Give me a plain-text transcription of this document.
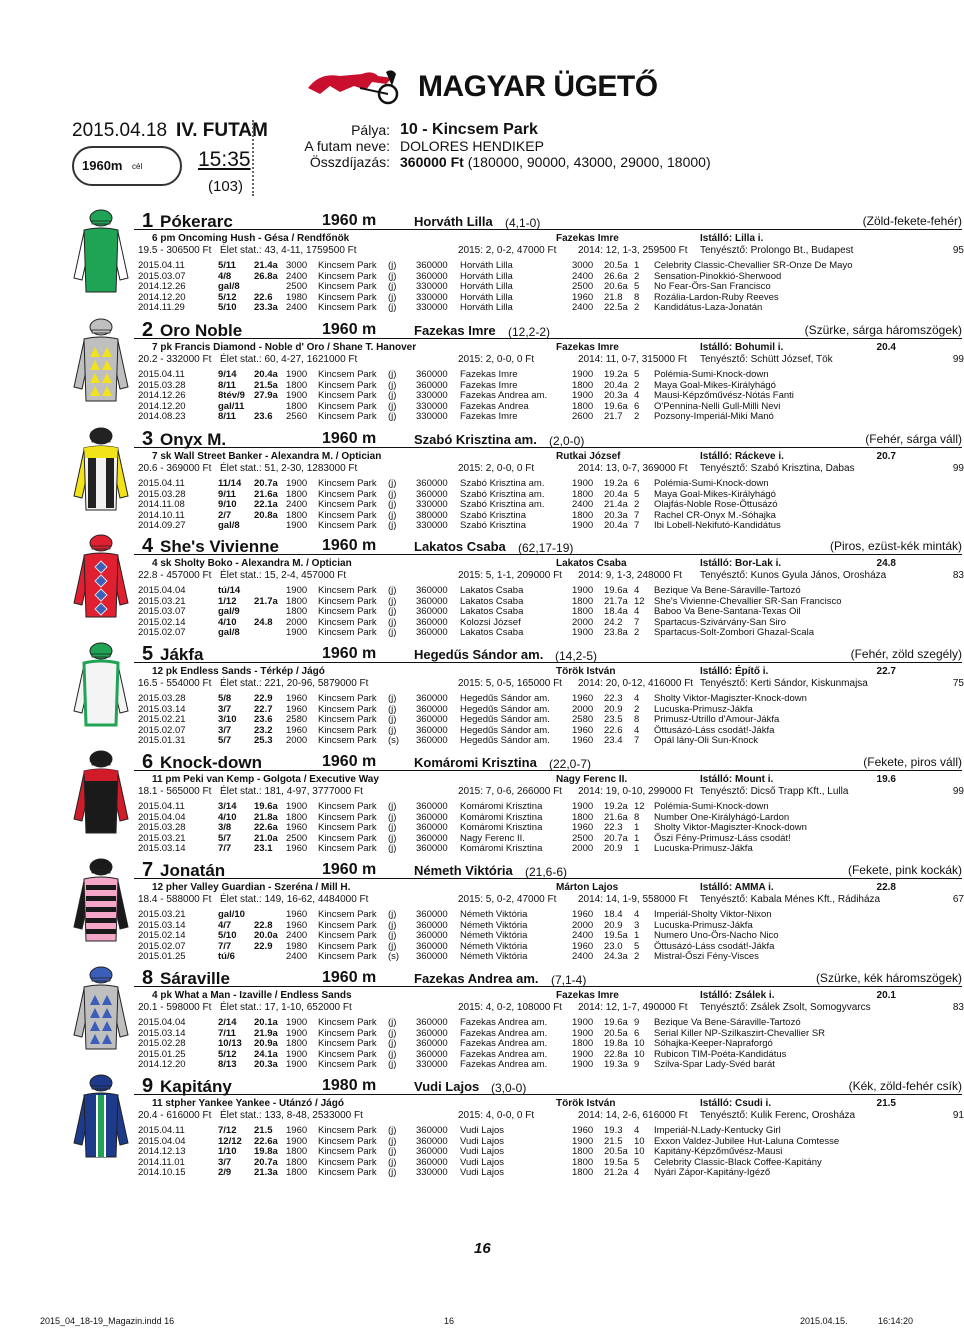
MAGYAR ÜGETŐ
2015.04.18 IV. FUTAM
1960m cél	15:35
(103)
Pálya: 10 - Kincsem Park
A futam neve: DOLORES HENDIKEP
Összdíjazás: 360000 Ft (180000, 90000, 43000, 29000, 18000)
1 Pókerarc	1960 m	Horváth Lilla	(Zöld-fekete-fehér)
(4,1-0)
6 pm Oncoming Hush - Gésa / Rendfőnök	Fazekas Imre	Istálló: Lilla i.
19.5 - 306500 Ft Élet stat.: 43, 4-11, 1759500 Ft	2015: 2, 0-2, 47000 Ft 2014: 12, 1-3, 259500 Ft Tenyésztő: Prolongo Bt., Budapest	95
2015.04.11	5/11 21.4a 3000 Kincsem Park (j) 360000 Horváth Lilla	3000 20.5a 1 Celebrity Classic-Chevallier SR-Onze De Mayo
2015.03.07	4/8 26.8a 2400 Kincsem Park (j) 360000 Horváth Lilla	2400 26.6a 2 Sensation-Pinokkió-Sherwood
2014.12.26	gal/8	2500 Kincsem Park (j) 330000 Horváth Lilla	2500 20.6a 5 No Fear-Örs-San Francisco
2014.12.20	5/12 22.6 1980 Kincsem Park (j) 330000 Horváth Lilla	1960 21.8 8 Rozália-Lardon-Ruby Reeves
2014.11.29	5/10 23.3a 2400 Kincsem Park (j) 330000 Horváth Lilla	2400 22.5a 2 Kandidátus-Laza-Jonatán
2 Oro Noble	1960 m	Fazekas Imre	(Szürke, sárga háromszögek)
(12,2-2)
7 pk Francis Diamond - Noble d' Oro / Shane T. Hanover	Fazekas Imre	Istálló: Bohumil i.	20.4
20.2 - 332000 Ft Élet stat.: 60, 4-27, 1621000 Ft	2015: 2, 0-0, 0 Ft	2014: 11, 0-7, 315000 Ft Tenyésztő: Schütt József, Tök	99
2015.04.11	9/14 20.4a 1900 Kincsem Park (j) 360000 Fazekas Imre	1900 19.2a 5 Polémia-Sumi-Knock-down
2015.03.28	8/11 21.5a 1800 Kincsem Park (j) 360000 Fazekas Imre	1800 20.4a 2 Maya Goal-Mikes-Királyhágó
2014.12.26	8tév/9 27.9a 1900 Kincsem Park (j) 330000 Fazekas Andrea am.	1900 20.3a 4 Mausi-Képzőművész-Nótás Fanti
2014.12.20	gal/11	1800 Kincsem Park (j) 330000 Fazekas Andrea	1800 19.6a 6 O'Pennina-Nelli Gull-Milli Nevi
2014.08.23	8/11 23.6 2560 Kincsem Park (j) 330000 Fazekas Imre	2600 21.7 2 Pozsony-Imperiál-Miki Manó
3 Onyx M.	1960 m	Szabó Krisztina am.	(Fehér, sárga váll)
(2,0-0)
7 sk Wall Street Banker - Alexandra M. / Optician	Rutkai József	Istálló: Ráckeve i.	20.7
20.6 - 369000 Ft Élet stat.: 51, 2-30, 1283000 Ft	2015: 2, 0-0, 0 Ft	2014: 13, 0-7, 369000 Ft Tenyésztő: Szabó Krisztina, Dabas	99
2015.04.11	11/14 20.7a 1900 Kincsem Park (j) 360000 Szabó Krisztina am.	1900 19.2a 6 Polémia-Sumi-Knock-down
2015.03.28	9/11 21.6a 1800 Kincsem Park (j) 360000 Szabó Krisztina am.	1800 20.4a 5 Maya Goal-Mikes-Királyhágó
2014.11.08	9/10 22.1a 2400 Kincsem Park (j) 330000 Szabó Krisztina am.	2400 21.4a 2 Olajfás-Noble Rose-Öttusázó
2014.10.11	2/7 20.8a 1800 Kincsem Park (j) 380000 Szabó Krisztina	1800 20.3a 7 Rachel CR-Onyx M.-Sóhajka
2014.09.27	gal/8	1900 Kincsem Park (j) 330000 Szabó Krisztina	1900 20.4a 7 Ibi Lobell-Nekifutó-Kandidátus
4 She's Vivienne	1960 m	Lakatos Csaba	(Piros, ezüst-kék minták)
(62,17-19)
4 sk Sholty Boko - Alexandra M. / Optician	Lakatos Csaba	Istálló: Bor-Lak i.	24.8
22.8 - 457000 Ft Élet stat.: 15, 2-4, 457000 Ft	2015: 5, 1-1, 209000 Ft 2014: 9, 1-3, 248000 Ft Tenyésztő: Kunos Gyula János, Orosháza	83
2015.04.04	tú/14	1900 Kincsem Park (j) 360000 Lakatos Csaba	1900 19.6a 4 Bezique Va Bene-Sáraville-Tartozó
2015.03.21	1/12 21.7a 1800 Kincsem Park (j) 360000 Lakatos Csaba	1800 21.7a 12 She's Vivienne-Chevallier SR-San Francisco
2015.03.07	gal/9	1800 Kincsem Park (j) 360000 Lakatos Csaba	1800 18.4a 4 Baboo Va Bene-Santana-Texas Oil
2015.02.14	4/10 24.8 2000 Kincsem Park (j) 360000 Kolozsi József	2000 24.2 7 Spartacus-Szivárvány-San Siro
2015.02.07	gal/8	1900 Kincsem Park (j) 360000 Lakatos Csaba	1900 23.8a 2 Spartacus-Solt-Zombori Ghazal-Scala
5 Jákfa	1960 m	Hegedűs Sándor am.	(Fehér, zöld szegély)
(14,2-5)
12 pk Endless Sands - Térkép / Jágó	Török István	Istálló: Építő i.	22.7
16.5 - 554000 Ft Élet stat.: 221, 20-96, 5879000 Ft	2015: 5, 0-5, 165000 Ft 2014: 20, 0-12, 416000 Ft Tenyésztő: Kerti Sándor, Kiskunmajsa	75
2015.03.28	5/8 22.9 1960 Kincsem Park (j) 360000 Hegedűs Sándor am. 1960 22.3 4 Sholty Viktor-Magiszter-Knock-down
2015.03.14	3/7 22.7 1960 Kincsem Park (j) 360000 Hegedűs Sándor am. 2000 20.9 2 Lucuska-Primusz-Jákfa
2015.02.21	3/10 23.6 2580 Kincsem Park (j) 360000 Hegedűs Sándor am. 2580 23.5 8 Primusz-Utrillo d'Amour-Jákfa
2015.02.07	3/7 23.2 1960 Kincsem Park (j) 360000 Hegedűs Sándor am. 1960 22.6 4 Öttusázó-Láss csodát!-Jákfa
2015.01.31	5/7 25.3 2000 Kincsem Park (s) 360000 Hegedűs Sándor am. 1960 23.4 7 Opál lány-Oli Sun-Knock
6 Knock-down	1960 m	Komáromi Krisztina	(Fekete, piros váll)
(22,0-7)
11 pm Peki van Kemp - Golgota / Executive Way	Nagy Ferenc II.	Istálló: Mount i.	19.6
18.1 - 565000 Ft Élet stat.: 181, 4-97, 3777000 Ft	2015: 7, 0-6, 266000 Ft 2014: 19, 0-10, 299000 Ft Tenyésztő: Dicső Trapp Kft., Lulla	99
2015.04.11	3/14 19.6a 1900 Kincsem Park (j) 360000 Komáromi Krisztina	1900 19.2a 12 Polémia-Sumi-Knock-down
2015.04.04	4/10 21.8a 1800 Kincsem Park (j) 360000 Komáromi Krisztina	1800 21.6a 8 Number One-Királyhágó-Lardon
2015.03.28	3/8 22.6a 1960 Kincsem Park (j) 360000 Komáromi Krisztina	1960 22.3 1 Sholty Viktor-Magiszter-Knock-down
2015.03.21	5/7 21.0a 2500 Kincsem Park (j) 360000 Nagy Ferenc II.	2500 20.7a 1 Őszi Fény-Primusz-Láss csodát!
2015.03.14	7/7 23.1 1960 Kincsem Park (j) 360000 Komáromi Krisztina	2000 20.9 1 Lucuska-Primusz-Jákfa
7 Jonatán	1960 m	Németh Viktória	(Fekete, pink kockák)
(21,6-6)
12 pher Valley Guardian - Szeréna / Mill H.	Márton Lajos	Istálló: AMMA i.	22.8
18.4 - 588000 Ft Élet stat.: 149, 16-62, 4484000 Ft	2015: 5, 0-2, 47000 Ft 2014: 14, 1-9, 558000 Ft Tenyésztő: Kabala Ménes Kft., Rádiháza	67
2015.03.21	gal/10	1960 Kincsem Park (j) 360000 Németh Viktória	1960 18.4 4 Imperiál-Sholty Viktor-Nixon
2015.03.14	4/7 22.8 1960 Kincsem Park (j) 360000 Németh Viktória	2000 20.9 3 Lucuska-Primusz-Jákfa
2015.02.14	5/10 20.0a 2400 Kincsem Park (j) 360000 Németh Viktória	2400 19.5a 1 Numero Uno-Örs-Nacho Nico
2015.02.07	7/7 22.9 1980 Kincsem Park (j) 360000 Németh Viktória	1960 23.0 5 Öttusázó-Láss csodát!-Jákfa
2015.01.25	tú/6	2400 Kincsem Park (s) 360000 Németh Viktória	2400 24.3a 2 Mistral-Őszi Fény-Visces
8 Sáraville	1960 m	Fazekas Andrea am.	(Szürke, kék háromszögek)
(7,1-4)
4 pk What a Man - Izaville / Endless Sands	Fazekas Imre	Istálló: Zsálek i.	20.1
20.1 - 598000 Ft Élet stat.: 17, 1-10, 652000 Ft	2015: 4, 0-2, 108000 Ft 2014: 12, 1-7, 490000 Ft Tenyésztő: Zsálek Zsolt, Somogyvarcs	83
2015.04.04	2/14 20.1a 1900 Kincsem Park (j) 360000 Fazekas Andrea am.	1900 19.6a 9 Bezique Va Bene-Sáraville-Tartozó
2015.03.14	7/11 21.9a 1900 Kincsem Park (j) 360000 Fazekas Andrea am.	1900 20.5a 6 Serial Killer NP-Szilkaszirt-Chevallier SR
2015.02.28	10/13 20.9a 1800 Kincsem Park (j) 360000 Fazekas Andrea am.	1800 19.8a 10 Sóhajka-Keeper-Napraforgó
2015.01.25	5/12 24.1a 1900 Kincsem Park (j) 360000 Fazekas Andrea am.	1900 22.8a 10 Rubicon TIM-Poéta-Kandidátus
2014.12.20	8/13 20.3a 1900 Kincsem Park (j) 330000 Fazekas Andrea am.	1900 19.3a 9 Szilva-Spar Lady-Svéd barát
9 Kapitány	1980 m	Vudi Lajos	(Kék, zöld-fehér csík)
(3,0-0)
11 stpher Yankee Yankee - Utánzó / Jágó	Török István	Istálló: Csudi i.	21.5
20.4 - 616000 Ft Élet stat.: 133, 8-48, 2533000 Ft	2015: 4, 0-0, 0 Ft	2014: 14, 2-6, 616000 Ft Tenyésztő: Kulik Ferenc, Orosháza	91
2015.04.11	7/12 21.5 1960 Kincsem Park (j) 360000 Vudi Lajos	1960 19.3 4 Imperiál-N.Lady-Kentucky Girl
2015.04.04	12/12 22.6a 1900 Kincsem Park (j) 360000 Vudi Lajos	1900 21.5 10 Exxon Valdez-Jubilee Hut-Laluna Comtesse
2014.12.13	1/10 19.8a 1800 Kincsem Park (j) 360000 Vudi Lajos	1800 20.5a 10 Kapitány-Képzőművész-Mausi
2014.11.01	3/7 20.7a 1800 Kincsem Park (j) 360000 Vudi Lajos	1800 19.5a 5 Celebrity Classic-Black Coffee-Kapitány
2014.10.15	2/9 21.3a 1800 Kincsem Park (j) 330000 Vudi Lajos	1800 21.2a 4 Nyári Zápor-Kapitány-Igéző
16
2015_04_18-19_Magazin.indd 16	16	2015.04.15.	16:14:20
